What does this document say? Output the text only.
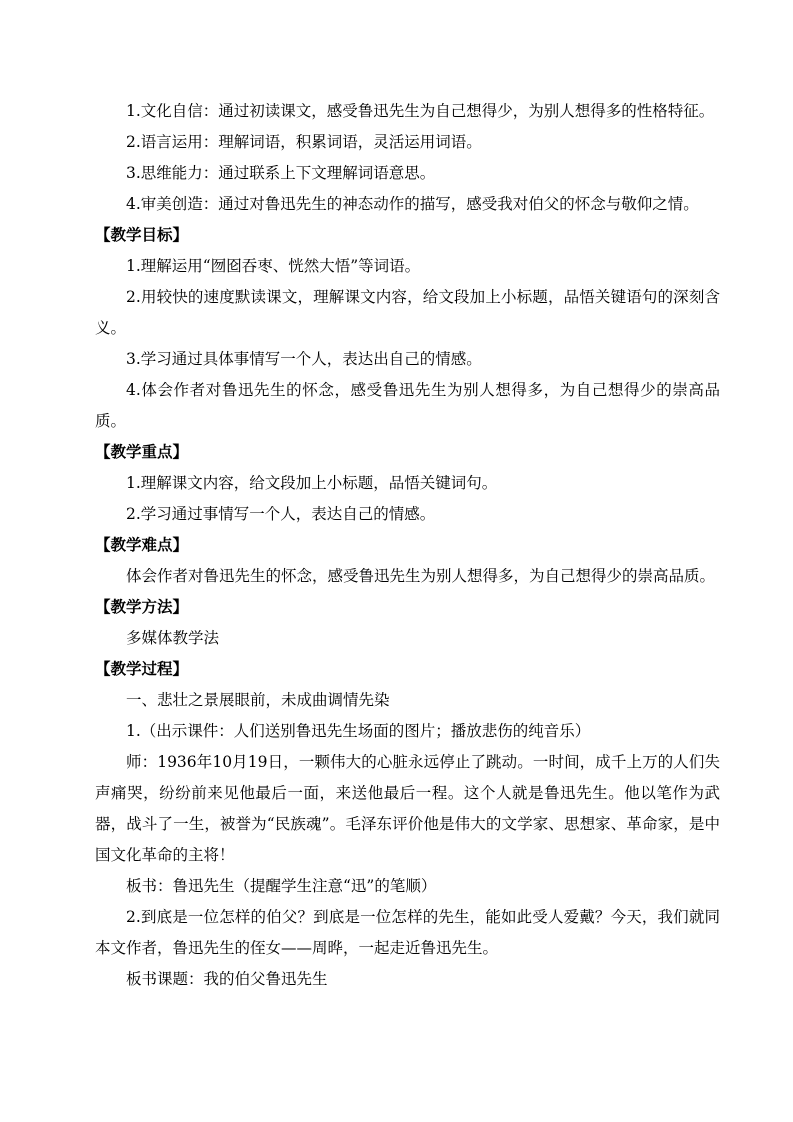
1.文化自信：通过初读课文，感受鲁迅先生为自己想得少，为别人想得多的性格特征。

2.语言运用：理解词语，积累词语，灵活运用词语。

3.思维能力：通过联系上下文理解词语意思。

4.审美创造：通过对鲁迅先生的神态动作的描写，感受我对伯父的怀念与敬仰之情。

【教学目标】

1.理解运用“囫囵吞枣、恍然大悟”等词语。

2.用较快的速度默读课文，理解课文内容，给文段加上小标题，品悟关键语句的深刻含义。

3.学习通过具体事情写一个人，表达出自己的情感。

4.体会作者对鲁迅先生的怀念，感受鲁迅先生为别人想得多，为自己想得少的崇高品质。

【教学重点】

1.理解课文内容，给文段加上小标题，品悟关键词句。

2.学习通过事情写一个人，表达自己的情感。

【教学难点】

体会作者对鲁迅先生的怀念，感受鲁迅先生为别人想得多，为自己想得少的崇高品质。

【教学方法】

多媒体教学法

【教学过程】

一、悲壮之景展眼前，未成曲调情先染

1.（出示课件：人们送别鲁迅先生场面的图片；播放悲伤的纯音乐）

师：1936年10月19日，一颗伟大的心脏永远停止了跳动。一时间，成千上万的人们失声痛哭，纷纷前来见他最后一面，来送他最后一程。这个人就是鲁迅先生。他以笔作为武器，战斗了一生，被誉为“民族魂”。毛泽东评价他是伟大的文学家、思想家、革命家，是中国文化革命的主将！

板书：鲁迅先生（提醒学生注意“迅”的笔顺）

2.到底是一位怎样的伯父？到底是一位怎样的先生，能如此受人爱戴？今天，我们就同本文作者，鲁迅先生的侄女——周晔，一起走近鲁迅先生。

板书课题：我的伯父鲁迅先生
